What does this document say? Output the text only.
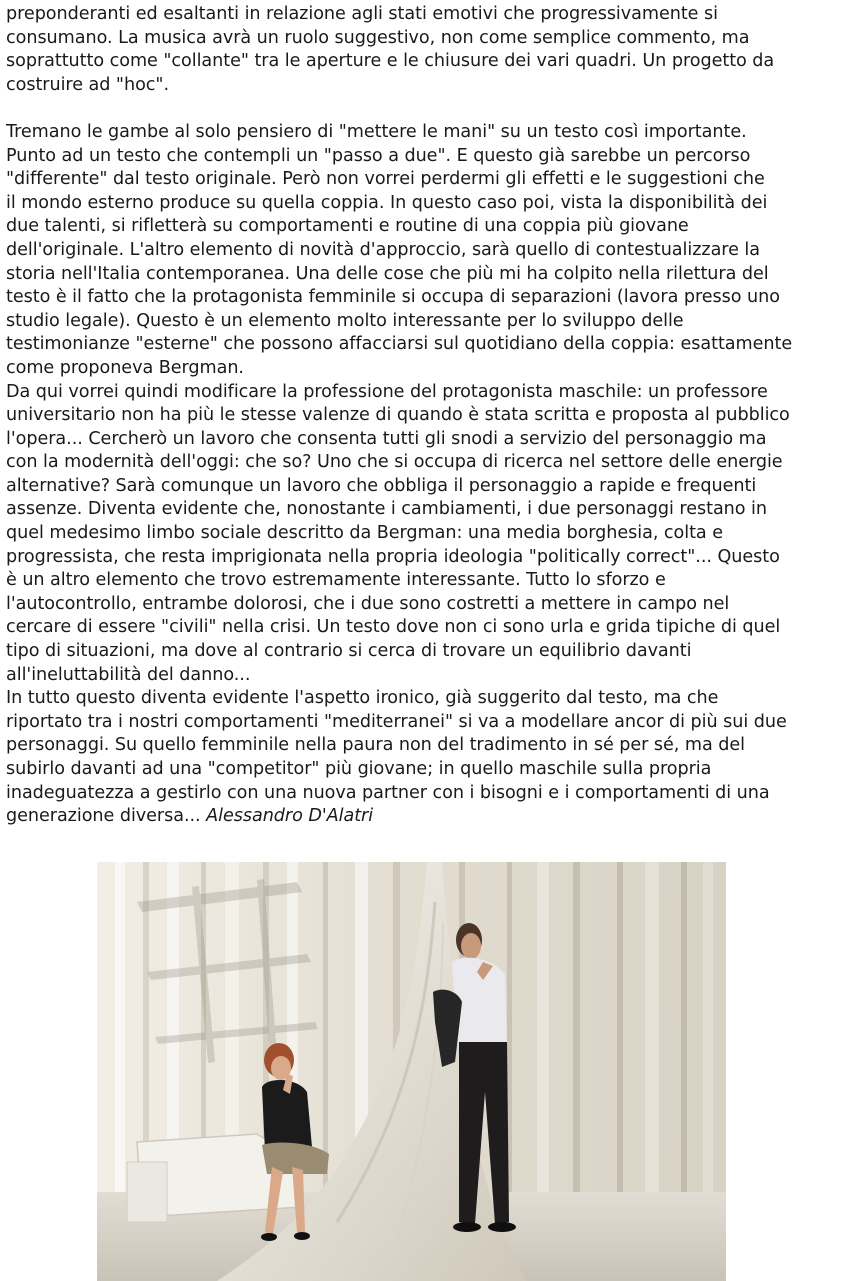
preponderanti ed esaltanti in relazione agli stati emotivi che progressivamente si

consumano. La musica avrà un ruolo suggestivo, non come semplice commento, ma

soprattutto come "collante" tra le aperture e le chiusure dei vari quadri. Un progetto da

costruire ad "hoc".

Tremano le gambe al solo pensiero di "mettere le mani" su un testo così importante.

Punto ad un testo che contempli un "passo a due". E questo già sarebbe un percorso

"differente" dal testo originale. Però non vorrei perdermi gli effetti e le suggestioni che

il mondo esterno produce su quella coppia. In questo caso poi, vista la disponibilità dei

due talenti, si rifletterà su comportamenti e routine di una coppia più giovane

dell'originale. L'altro elemento di novità d'approccio, sarà quello di contestualizzare la

storia nell'Italia contemporanea. Una delle cose che più mi ha colpito nella rilettura del

testo è il fatto che la protagonista femminile si occupa di separazioni (lavora presso uno

studio legale). Questo è un elemento molto interessante per lo sviluppo delle

testimonianze "esterne" che possono affacciarsi sul quotidiano della coppia: esattamente

come proponeva Bergman.

Da qui vorrei quindi modificare la professione del protagonista maschile: un professore

universitario non ha più le stesse valenze di quando è stata scritta e proposta al pubblico

l'opera... Cercherò un lavoro che consenta tutti gli snodi a servizio del personaggio ma

con la modernità dell'oggi: che so? Uno che si occupa di ricerca nel settore delle energie

alternative? Sarà comunque un lavoro che obbliga il personaggio a rapide e frequenti

assenze. Diventa evidente che, nonostante i cambiamenti, i due personaggi restano in

quel medesimo limbo sociale descritto da Bergman: una media borghesia, colta e

progressista, che resta imprigionata nella propria ideologia "politically correct"... Questo

è un altro elemento che trovo estremamente interessante. Tutto lo sforzo e

l'autocontrollo, entrambe dolorosi, che i due sono costretti a mettere in campo nel

cercare di essere "civili" nella crisi. Un testo dove non ci sono urla e grida tipiche di quel

tipo di situazioni, ma dove al contrario si cerca di trovare un equilibrio davanti

all'ineluttabilità del danno...

In tutto questo diventa evidente l'aspetto ironico, già suggerito dal testo, ma che

riportato tra i nostri comportamenti "mediterranei" si va a modellare ancor di più sui due

personaggi. Su quello femminile nella paura non del tradimento in sé per sé, ma del

subirlo davanti ad una "competitor" più giovane; in quello maschile sulla propria

inadeguatezza a gestirlo con una nuova partner con i bisogni e i comportamenti di una

generazione diversa... Alessandro D'Alatri
